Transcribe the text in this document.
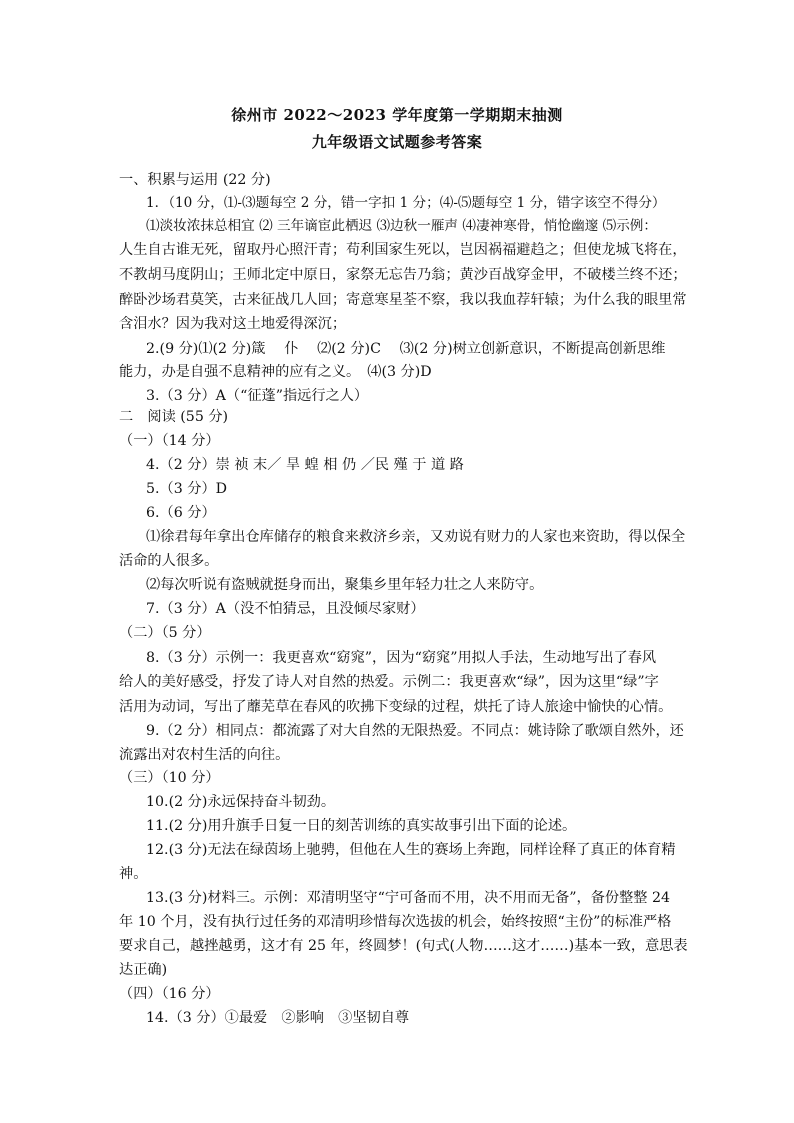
徐州市 2022～2023 学年度第一学期期末抽测
九年级语文试题参考答案
一、积累与运用 (22 分)
1．（10 分，⑴-⑶题每空 2 分，错一字扣 1 分；⑷-⑸题每空 1 分，错字该空不得分）
⑴淡妆浓抹总相宜 ⑵ 三年谪宦此栖迟 ⑶边秋一雁声 ⑷凄神寒骨，悄怆幽邃 ⑸示例：
人生自古谁无死，留取丹心照汗青；苟利国家生死以，岂因祸福避趋之；但使龙城飞将在，
不教胡马度阴山；王师北定中原日，家祭无忘告乃翁；黄沙百战穿金甲，不破楼兰终不还；
醉卧沙场君莫笑，古来征战几人回；寄意寒星荃不察，我以我血荐轩辕；为什么我的眼里常
含泪水？因为我对这土地爱得深沉；
2.(9 分)⑴(2 分)箴　 仆　 ⑵(2 分)C　 ⑶(2 分)树立创新意识，不断提高创新思维
能力，办是自强不息精神的应有之义。　⑷(3 分)D
3.（3 分）A（“征蓬”指远行之人）
二　阅读 (55 分)
（一）（14 分）
4.（2 分）崇 祯 末／ 旱 蝗 相 仍 ／民 殣 于 道 路
5.（3 分）D
6.（6 分）
⑴徐君每年拿出仓库储存的粮食来救济乡亲，又劝说有财力的人家也来资助，得以保全
活命的人很多。
⑵每次听说有盗贼就挺身而出，聚集乡里年轻力壮之人来防守。
7.（3 分）A（没不怕猜忌，且没倾尽家财）
（二）（5 分）
8.（3 分）示例一：我更喜欢“窈窕”，因为“窈窕”用拟人手法，生动地写出了春风
给人的美好感受，抒发了诗人对自然的热爱。示例二：我更喜欢“绿”，因为这里“绿”字
活用为动词，写出了蘼芜草在春风的吹拂下变绿的过程，烘托了诗人旅途中愉快的心情。
9.（2 分）相同点：都流露了对大自然的无限热爱。不同点：姚诗除了歌颂自然外，还
流露出对农村生活的向往。
（三）（10 分）
10.(2 分)永远保持奋斗韧劲。
11.(2 分)用升旗手日复一日的刻苦训练的真实故事引出下面的论述。
12.(3 分)无法在绿茵场上驰骋，但他在人生的赛场上奔跑，同样诠释了真正的体育精
神。
13.(3 分)材料三。示例：邓清明坚守“宁可备而不用，决不用而无备”，备份整整 24
年 10 个月，没有执行过任务的邓清明珍惜每次选拔的机会，始终按照“主份”的标准严格
要求自己，越挫越勇，这才有 25 年，终圆梦！(句式(人物……这才……)基本一致，意思表
达正确)
（四）（16 分）
14.（3 分）①最爱　②影响　③坚韧自尊
